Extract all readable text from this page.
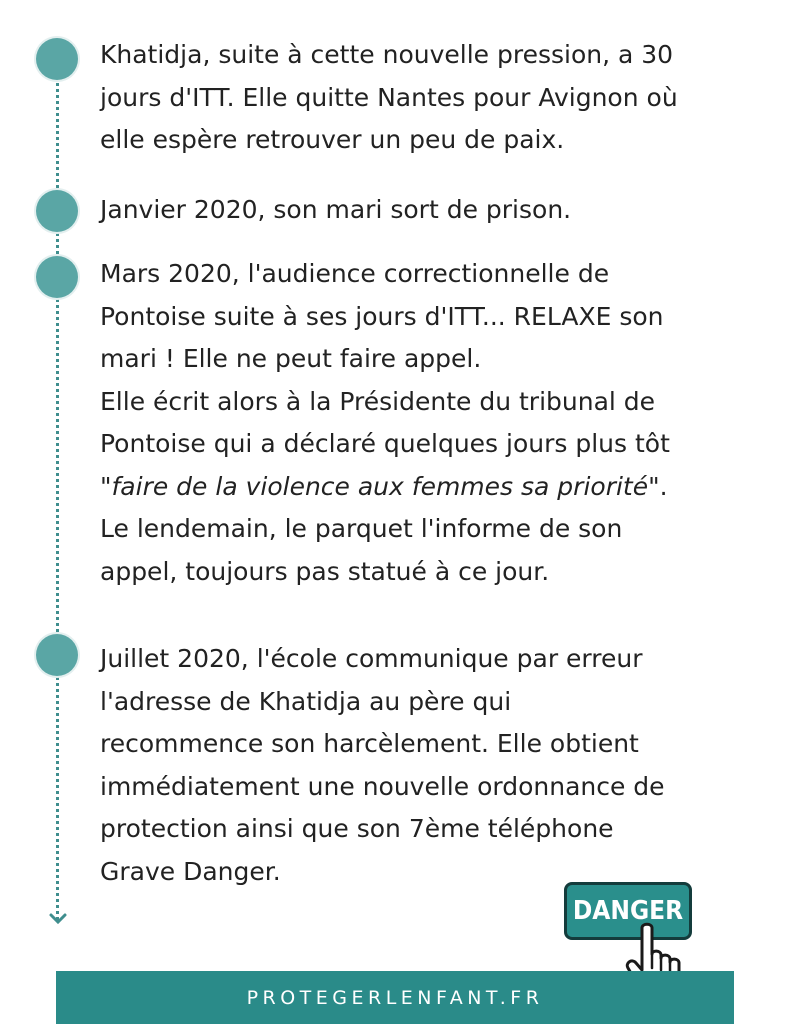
Khatidja, suite à cette nouvelle pression, a 30

jours d'ITT. Elle quitte Nantes pour Avignon où

elle espère retrouver un peu de paix.

Janvier 2020, son mari sort de prison.

Mars 2020, l'audience correctionnelle de

Pontoise suite à ses jours d'ITT... RELAXE son

mari ! Elle ne peut faire appel.

Elle écrit alors à la Présidente du tribunal de

Pontoise qui a déclaré quelques jours plus tôt

"faire de la violence aux femmes sa priorité".

Le lendemain, le parquet l'informe de son

appel, toujours pas statué à ce jour.

Juillet 2020, l'école communique par erreur

l'adresse de Khatidja au père qui

recommence son harcèlement. Elle obtient

immédiatement une nouvelle ordonnance de

protection ainsi que son 7ème téléphone

Grave Danger.

DANGER
PROTEGERLENFANT.FR
